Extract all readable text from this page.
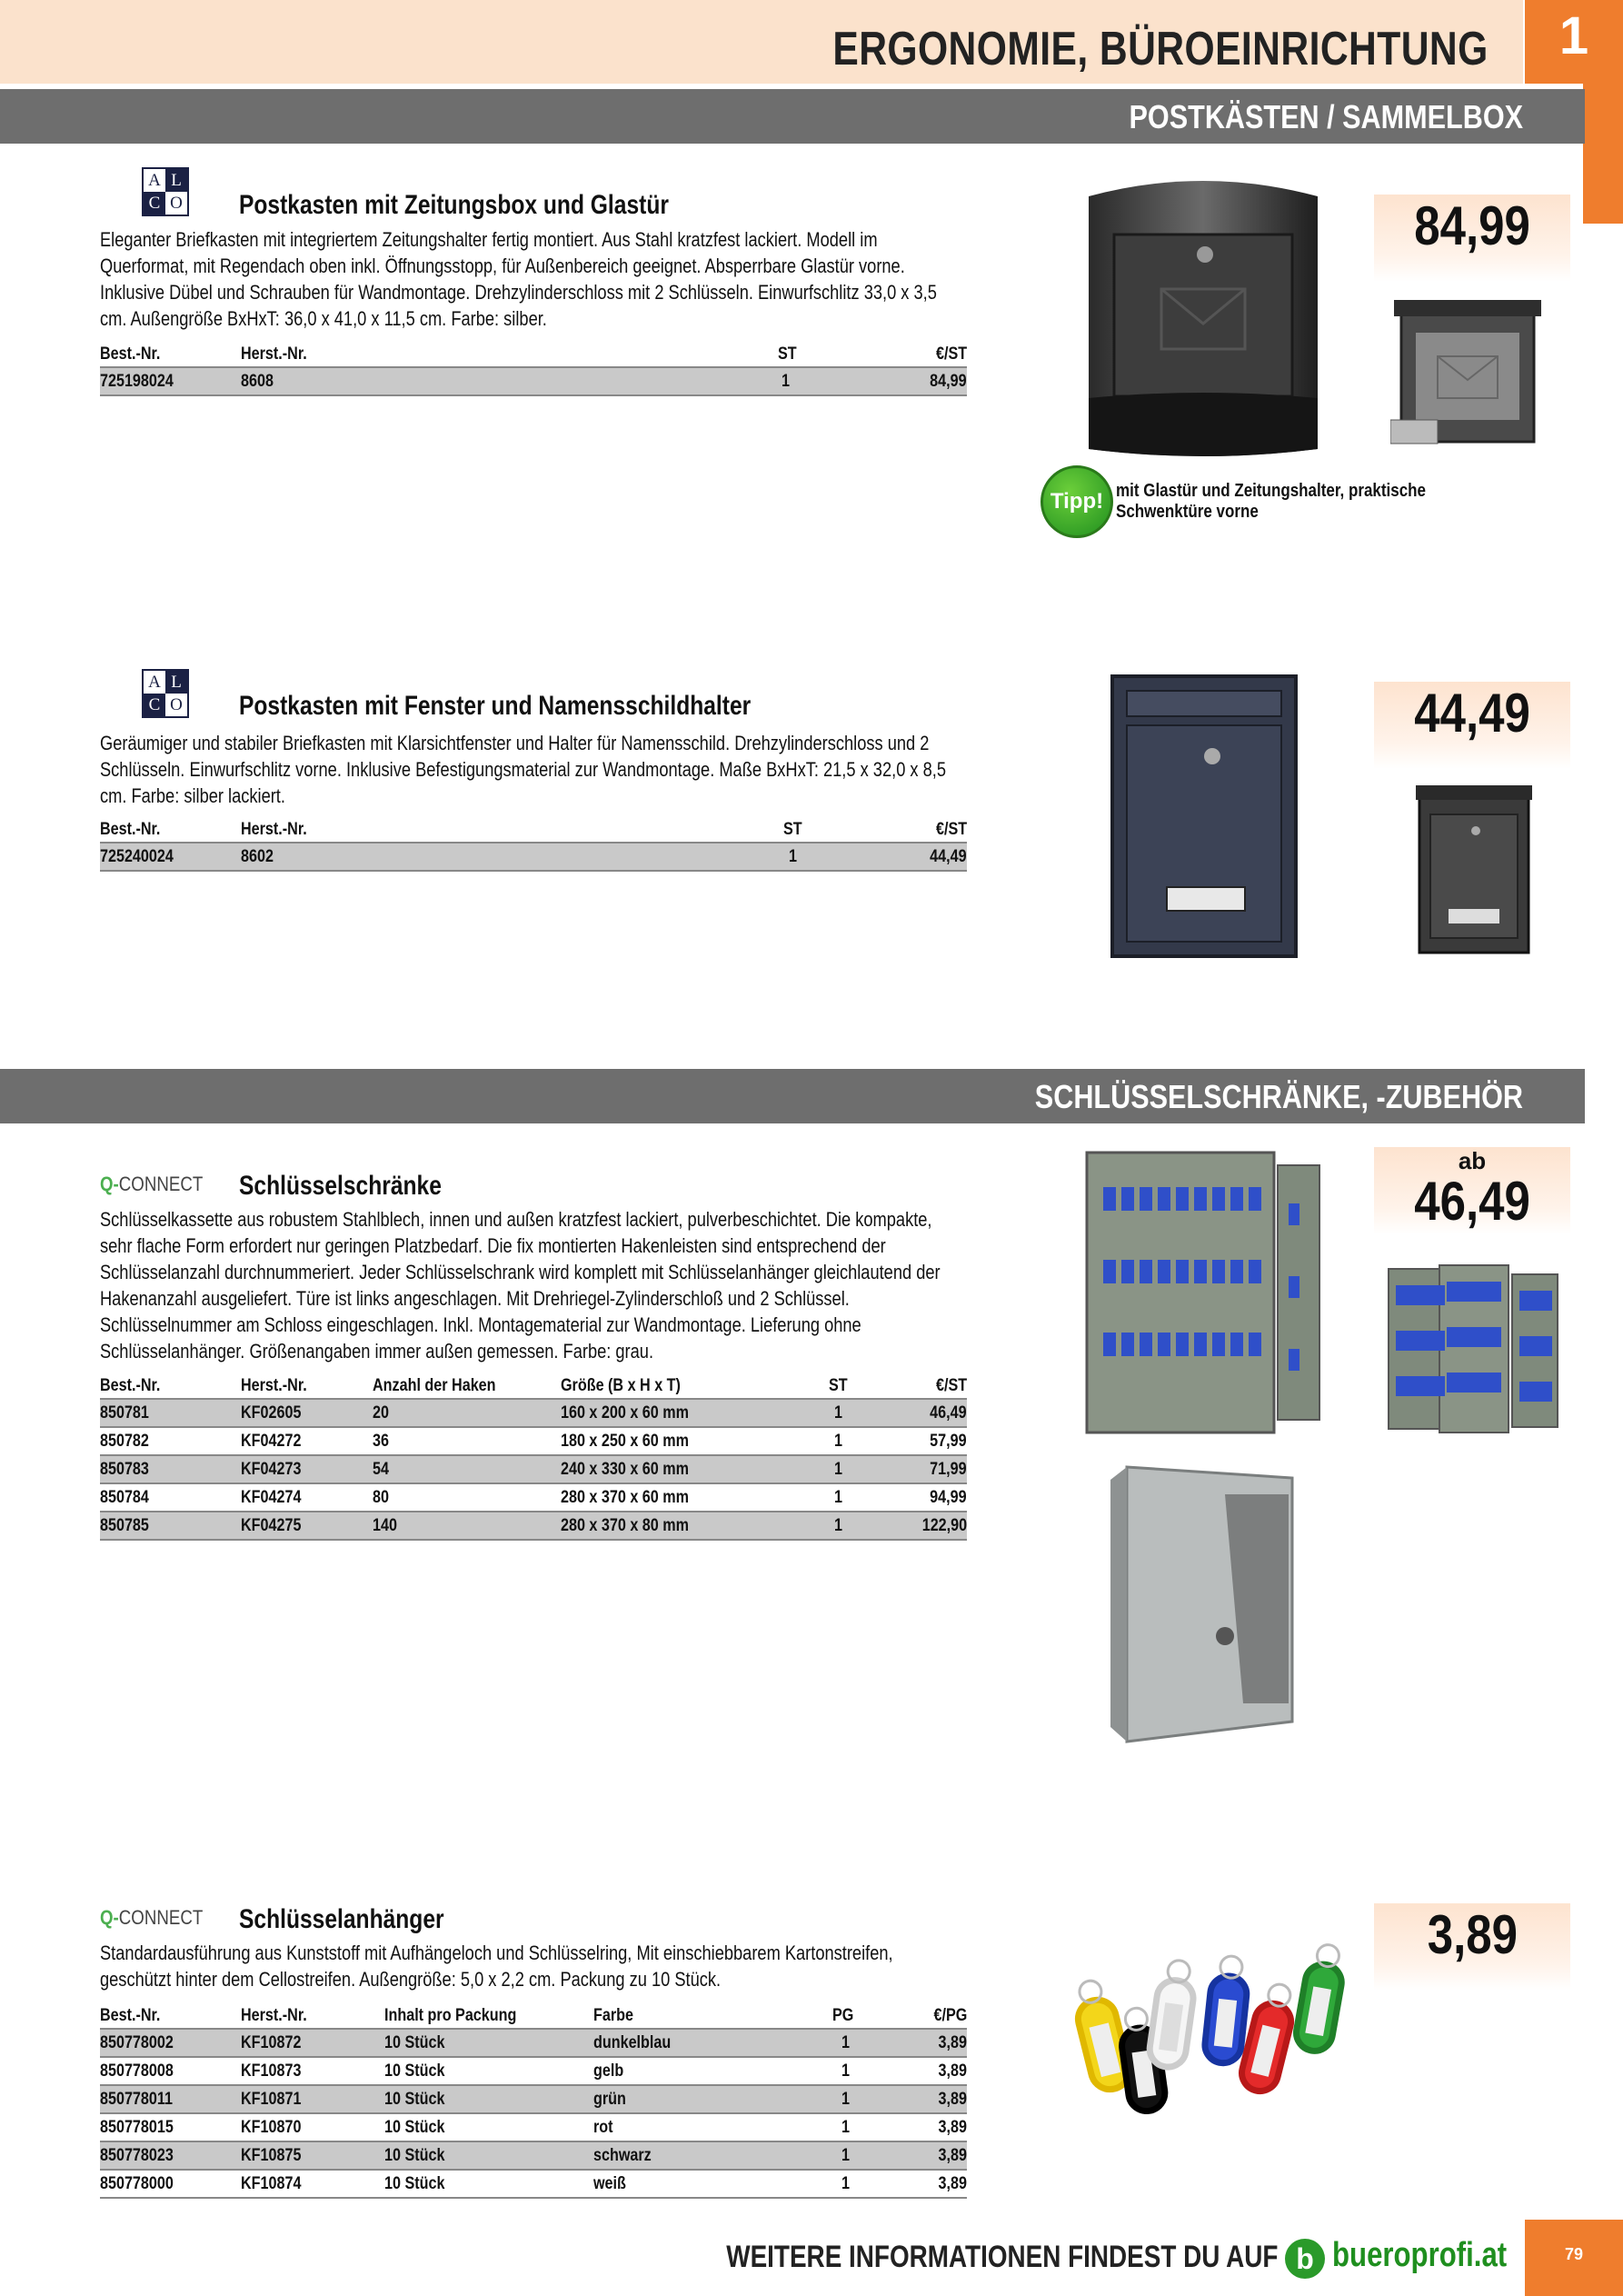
ERGONOMIE, BÜROEINRICHTUNG	1
POSTKÄSTEN / SAMMELBOX
A L
C O Postkasten mit Zeitungsbox und Glastür
Eleganter Briefkasten mit integriertem Zeitungshalter fertig montiert. Aus Stahl kratzfest lackiert. Modell im Querformat, mit Regendach oben inkl. Öffnungsstopp, für Außenbereich geeignet. Absperrbare Glastür vorne. Inklusive Dübel und Schrauben für Wandmontage. Drehzylinderschloss mit 2 Schlüsseln. Einwurfschlitz 33,0 x 3,5 cm. Außengröße BxHxT: 36,0 x 41,0 x 11,5 cm. Farbe: silber.
Best.-Nr.	Herst.-Nr.	ST	€/ST
725198024	8608	1	84,99
84,99
Tipp! mit Glastür und Zeitungshalter, praktische
Schwenktüre vorne
A L
C O Postkasten mit Fenster und Namensschildhalter
Geräumiger und stabiler Briefkasten mit Klarsichtfenster und Halter für Namensschild. Drehzylinderschloss und 2 Schlüsseln. Einwurfschlitz vorne. Inklusive Befestigungsmaterial zur Wandmontage. Maße BxHxT: 21,5 x 32,0 x 8,5 cm. Farbe: silber lackiert.
Best.-Nr.	Herst.-Nr.	ST	€/ST
725240024	8602	1	44,49
44,49
SCHLÜSSELSCHRÄNKE, -ZUBEHÖR
Q-CONNECT Schlüsselschränke
Schlüsselkassette aus robustem Stahlblech, innen und außen kratzfest lackiert, pulverbeschichtet. Die kompakte, sehr flache Form erfordert nur geringen Platzbedarf. Die fix montierten Hakenleisten sind entsprechend der Schlüsselanzahl durchnummeriert. Jeder Schlüsselschrank wird komplett mit Schlüsselanhänger gleichlautend der Hakenanzahl ausgeliefert. Türe ist links angeschlagen. Mit Drehriegel-Zylinderschloß und 2 Schlüssel. Schlüsselnummer am Schloss eingeschlagen. Inkl. Montagematerial zur Wandmontage. Lieferung ohne Schlüsselanhänger. Größenangaben immer außen gemessen. Farbe: grau.
Best.-Nr.	Herst.-Nr.	Anzahl der Haken	Größe (B x H x T)	ST	€/ST
850781	KF02605	20	160 x 200 x 60 mm	1	46,49
850782	KF04272	36	180 x 250 x 60 mm	1	57,99
850783	KF04273	54	240 x 330 x 60 mm	1	71,99
850784	KF04274	80	280 x 370 x 60 mm	1	94,99
850785	KF04275	140	280 x 370 x 80 mm	1	122,90
ab
46,49
Q-CONNECT Schlüsselanhänger
Standardausführung aus Kunststoff mit Aufhängeloch und Schlüsselring, Mit einschiebbarem Kartonstreifen, geschützt hinter dem Cellostreifen. Außengröße: 5,0 x 2,2 cm. Packung zu 10 Stück.
Best.-Nr.	Herst.-Nr.	Inhalt pro Packung	Farbe	PG	€/PG
850778002	KF10872	10 Stück	dunkelblau	1	3,89
850778008	KF10873	10 Stück	gelb	1	3,89
850778011	KF10871	10 Stück	grün	1	3,89
850778015	KF10870	10 Stück	rot	1	3,89
850778023	KF10875	10 Stück	schwarz	1	3,89
850778000	KF10874	10 Stück	weiß	1	3,89
3,89
WEITERE INFORMATIONEN FINDEST DU AUF b bueroprofi.at	79
